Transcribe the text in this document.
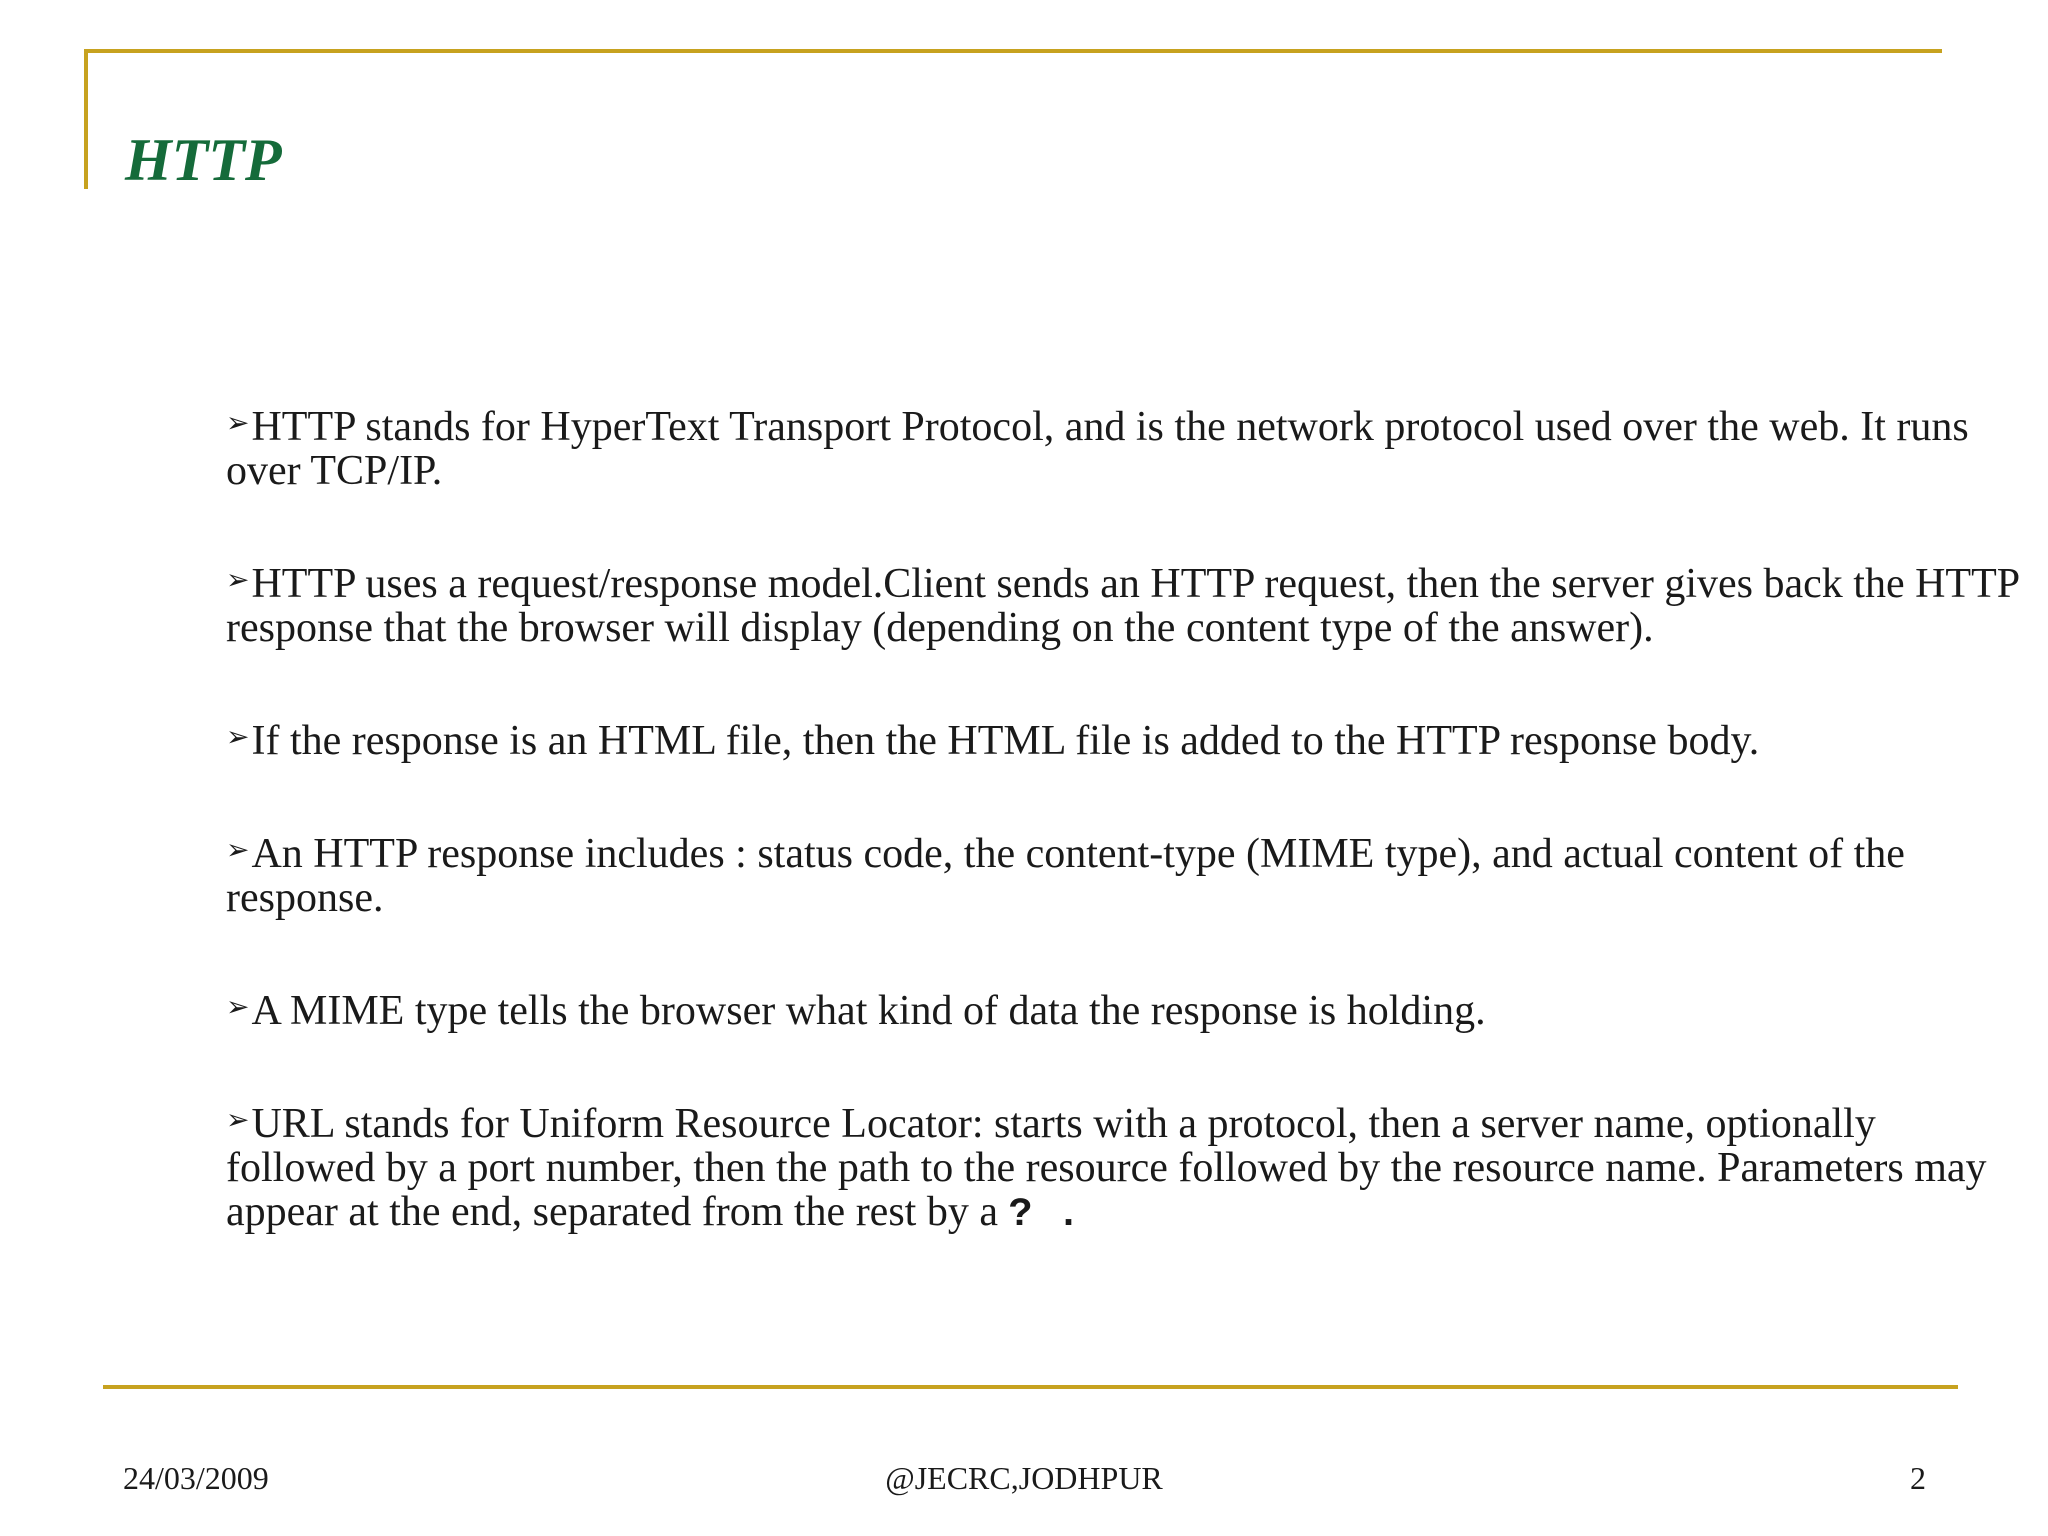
HTTP

➢HTTP stands for HyperText Transport Protocol, and is the network protocol used over the web. It runs over TCP/IP.

➢HTTP uses a request/response model.Client sends an HTTP request, then the server gives back the HTTP response that the browser will display (depending on the content type of the answer).

➢If the response is an HTML file, then the HTML file is added to the HTTP response body.

➢An HTTP response includes : status code, the content-type (MIME type), and actual content of the response.

➢A MIME type tells the browser what kind of data the response is holding.

➢URL stands for Uniform Resource Locator: starts with a protocol, then a server name, optionally followed by a port number, then the path to the resource followed by the resource name. Parameters may appear at the end, separated from the rest by a ? .

24/03/2009	@JECRC,JODHPUR	2
